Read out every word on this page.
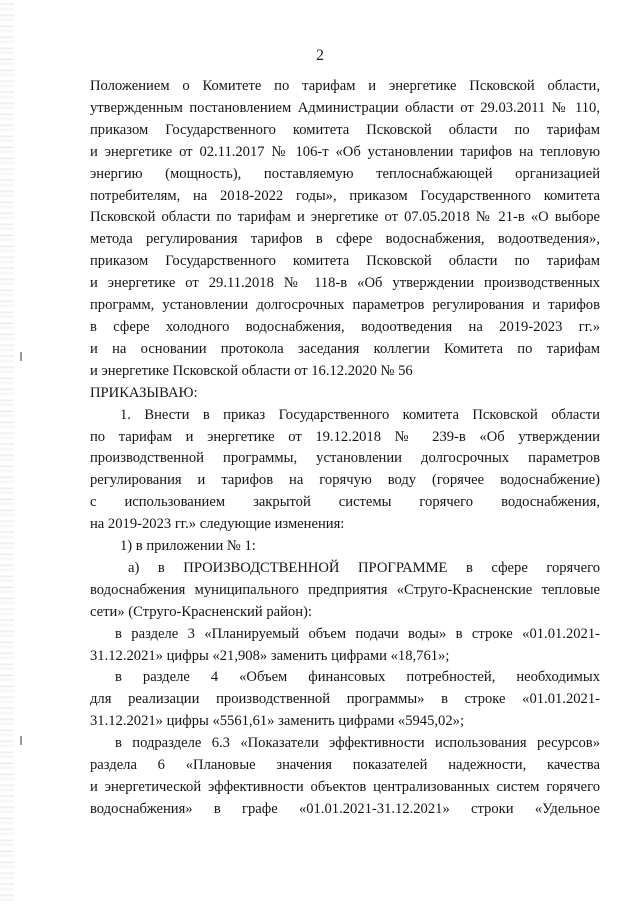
2
Положением о Комитете по тарифам и энергетике Псковской области,
утвержденным постановлением Администрации области от 29.03.2011 № 110,
приказом Государственного комитета Псковской области по тарифам
и энергетике от 02.11.2017 № 106-т «Об установлении тарифов на тепловую
энергию (мощность), поставляемую теплоснабжающей организацией
потребителям, на 2018-2022 годы», приказом Государственного комитета
Псковской области по тарифам и энергетике от 07.05.2018 № 21-в «О выборе
метода регулирования тарифов в сфере водоснабжения, водоотведения»,
приказом Государственного комитета Псковской области по тарифам
и энергетике от 29.11.2018 № 118-в «Об утверждении производственных
программ, установлении долгосрочных параметров регулирования и тарифов
в сфере холодного водоснабжения, водоотведения на 2019-2023 гг.»
и на основании протокола заседания коллегии Комитета по тарифам
и энергетике Псковской области от 16.12.2020 № 56
ПРИКАЗЫВАЮ:
1. Внести в приказ Государственного комитета Псковской области
по тарифам и энергетике от 19.12.2018 № 239-в «Об утверждении
производственной программы, установлении долгосрочных параметров
регулирования и тарифов на горячую воду (горячее водоснабжение)
с использованием закрытой системы горячего водоснабжения,
на 2019-2023 гг.» следующие изменения:
1) в приложении № 1:
а) в ПРОИЗВОДСТВЕННОЙ ПРОГРАММЕ в сфере горячего
водоснабжения муниципального предприятия «Струго-Красненские тепловые
сети» (Струго-Красненский район):
в разделе 3 «Планируемый объем подачи воды» в строке «01.01.2021-
31.12.2021» цифры «21,908» заменить цифрами «18,761»;
в разделе 4 «Объем финансовых потребностей, необходимых
для реализации производственной программы» в строке «01.01.2021-
31.12.2021» цифры «5561,61» заменить цифрами «5945,02»;
в подразделе 6.3 «Показатели эффективности использования ресурсов»
раздела 6 «Плановые значения показателей надежности, качества
и энергетической эффективности объектов централизованных систем горячего
водоснабжения» в графе «01.01.2021-31.12.2021» строки «Удельное
